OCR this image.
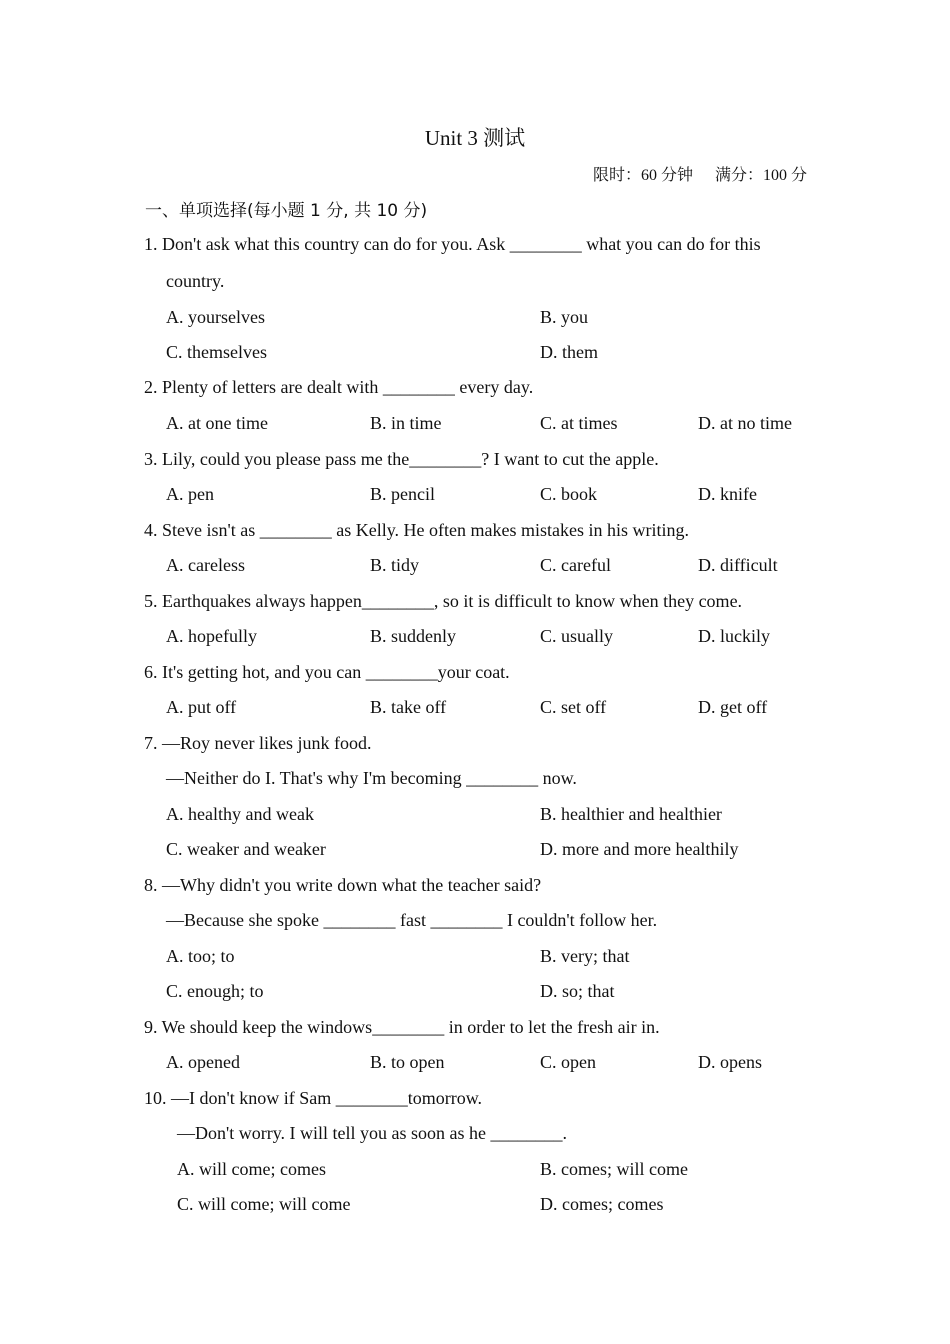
Unit 3 测试
限时：60 分钟 满分：100 分
一、单项选择(每小题 1 分, 共 10 分)
1. Don't ask what this country can do for you. Ask ________ what you can do for this
country.
A. yourselves	B. you
C. themselves	D. them
2. Plenty of letters are dealt with ________ every day.
A. at one time	B. in time	C. at times	D. at no time
3. Lily, could you please pass me the________? I want to cut the apple.
A. pen	B. pencil	C. book	D. knife
4. Steve isn't as ________ as Kelly. He often makes mistakes in his writing.
A. careless	B. tidy	C. careful	D. difficult
5. Earthquakes always happen________, so it is difficult to know when they come.
A. hopefully	B. suddenly	C. usually	D. luckily
6. It's getting hot, and you can ________your coat.
A. put off	B. take off	C. set off	D. get off
7. —Roy never likes junk food.
—Neither do I. That's why I'm becoming ________ now.
A. healthy and weak	B. healthier and healthier
C. weaker and weaker	D. more and more healthily
8. —Why didn't you write down what the teacher said?
—Because she spoke ________ fast ________ I couldn't follow her.
A. too; to	B. very; that
C. enough; to	D. so; that
9. We should keep the windows________ in order to let the fresh air in.
A. opened	B. to open	C. open	D. opens
10. —I don't know if Sam ________tomorrow.
—Don't worry. I will tell you as soon as he ________.
A. will come; comes	B. comes; will come
C. will come; will come	D. comes; comes
